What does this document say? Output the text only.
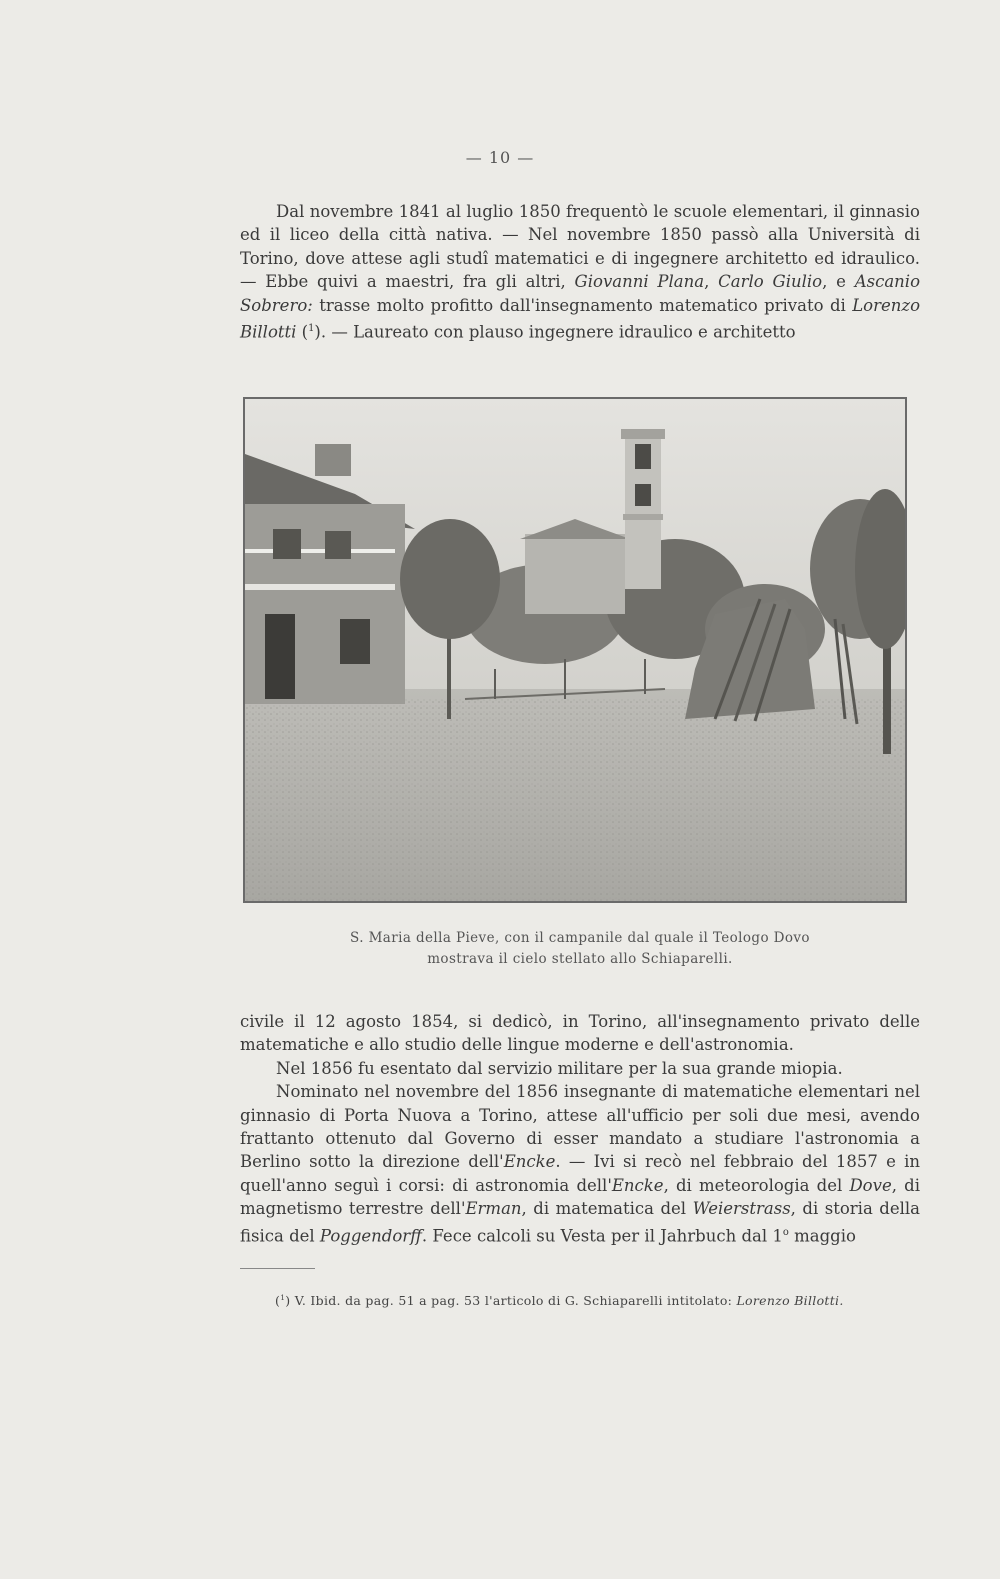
— 10 —

Dal novembre 1841 al luglio 1850 frequentò le scuole elementari, il ginnasio ed il liceo della città nativa. — Nel novembre 1850 passò alla Università di Torino, dove attese agli studî matematici e di ingegnere architetto ed idraulico. — Ebbe quivi a maestri, fra gli altri, Giovanni Plana, Carlo Giulio, e Ascanio Sobrero: trasse molto profitto dall'insegnamento matematico privato di Lorenzo Billotti ($^1$). — Laureato con plauso ingegnere idraulico e architetto

S. Maria della Pieve, con il campanile dal quale il Teologo Dovo
mostrava il cielo stellato allo Schiaparelli.

civile il 12 agosto 1854, si dedicò, in Torino, all'insegnamento privato delle matematiche e allo studio delle lingue moderne e dell'astronomia.

Nel 1856 fu esentato dal servizio militare per la sua grande miopia.

Nominato nel novembre del 1856 insegnante di matematiche elementari nel ginnasio di Porta Nuova a Torino, attese all'ufficio per soli due mesi, avendo frattanto ottenuto dal Governo di esser mandato a studiare l'astronomia a Berlino sotto la direzione dell'Encke. — Ivi si recò nel febbraio del 1857 e in quell'anno seguì i corsi: di astronomia dell'Encke, di meteorologia del Dove, di magnetismo terrestre dell'Erman, di matematica del Weierstrass, di storia della fisica del Poggendorff. Fece calcoli su Vesta per il Jahrbuch dal 1$^o$ maggio

($^1$) V. Ibid. da pag. 51 a pag. 53 l'articolo di G. Schiaparelli intitolato: Lorenzo Billotti.
